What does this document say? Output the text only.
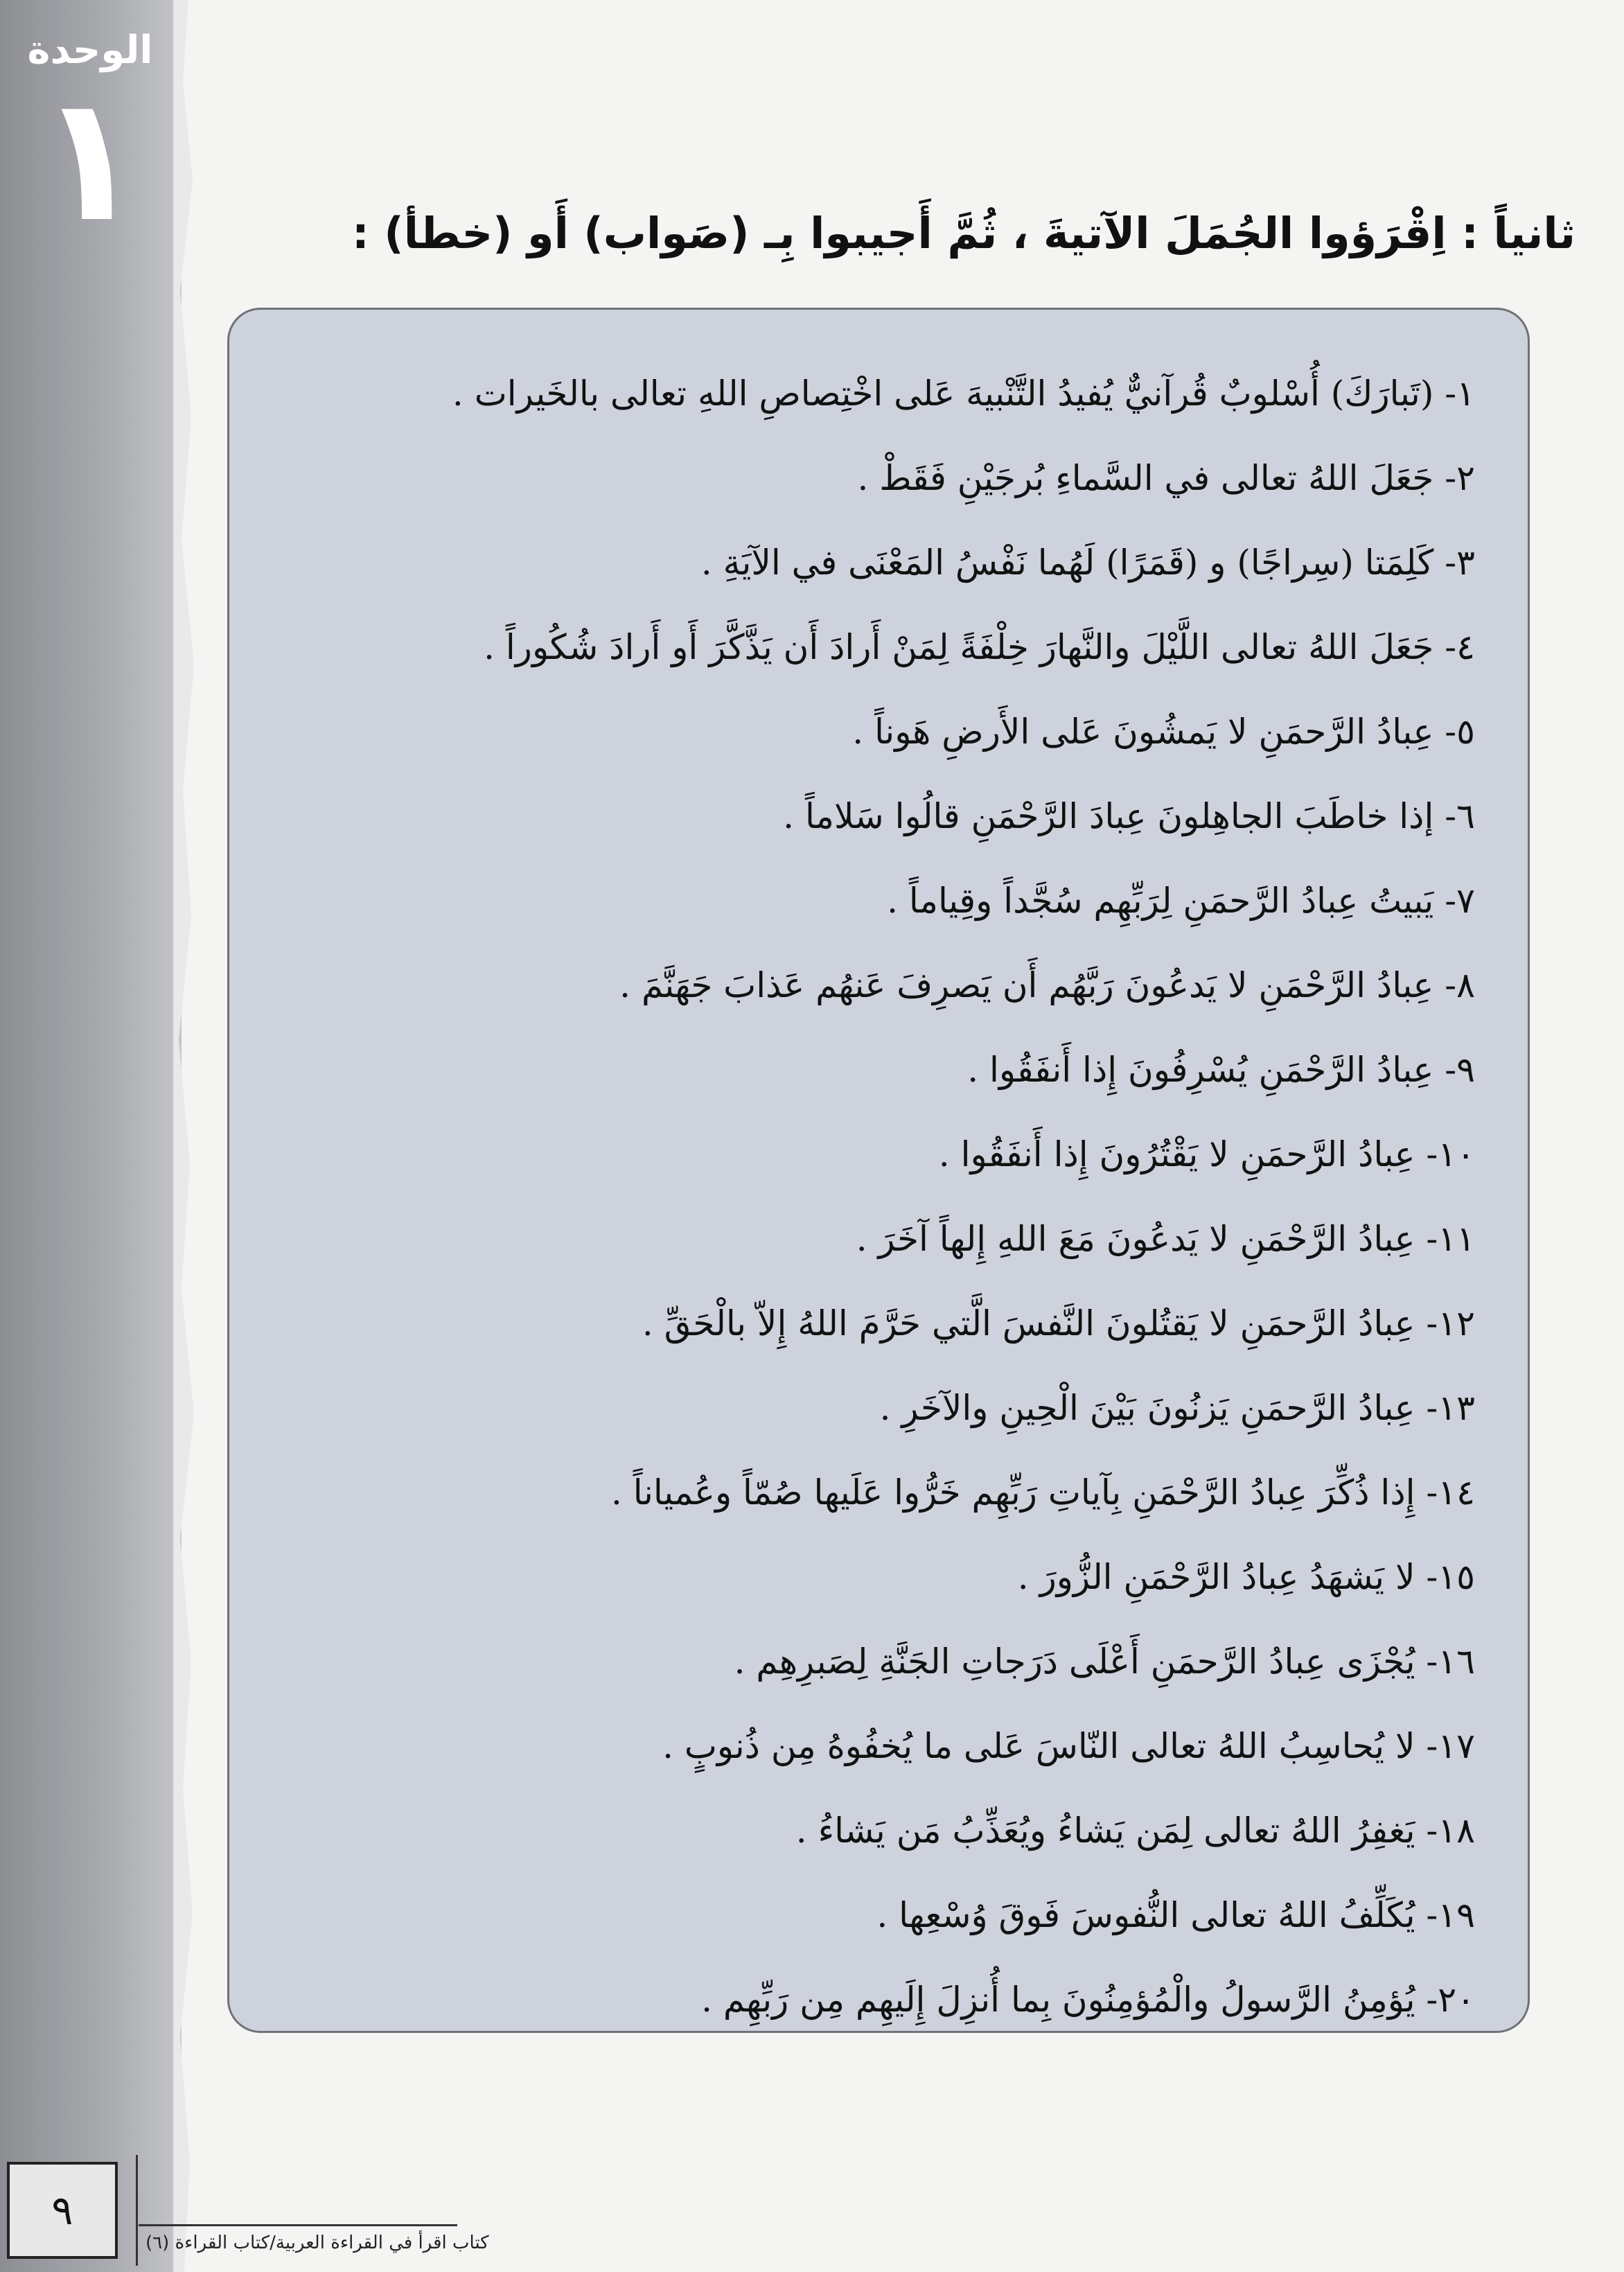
الوحدة
١	ثانياً : اِقْرَؤوا الجُمَلَ الآتيةَ ، ثُمَّ أَجيبوا بِـ (صَواب) أَو (خطأ) :
١- (تَبارَكَ) أُسْلوبٌ قُرآنيٌّ يُفيدُ التَّنْبيهَ عَلى اخْتِصاصِ اللهِ تعالى بالخَيرات .
٢- جَعَلَ اللهُ تعالى في السَّماءِ بُرجَيْنِ فَقَطْ .
٣- كَلِمَتا (سِراجًا) و (قَمَرًا) لَهُما نَفْسُ المَعْنَى في الآيَةِ .
٤- جَعَلَ اللهُ تعالى اللَّيْلَ والنَّهارَ خِلْفَةً لِمَنْ أَرادَ أَن يَذَّكَّرَ أَو أَرادَ شُكُوراً .
٥- عِبادُ الرَّحمَنِ لا يَمشُونَ عَلى الأَرضِ هَوناً .
٦- إذا خاطَبَ الجاهِلونَ عِبادَ الرَّحْمَنِ قالُوا سَلاماً .
٧- يَبيتُ عِبادُ الرَّحمَنِ لِرَبِّهِم سُجَّداً وقِياماً .
٨- عِبادُ الرَّحْمَنِ لا يَدعُونَ رَبَّهُم أَن يَصرِفَ عَنهُم عَذابَ جَهَنَّمَ .
٩- عِبادُ الرَّحْمَنِ يُسْرِفُونَ إِذا أَنفَقُوا .
١٠- عِبادُ الرَّحمَنِ لا يَقْتُرُونَ إِذا أَنفَقُوا .
١١- عِبادُ الرَّحْمَنِ لا يَدعُونَ مَعَ اللهِ إِلهاً آخَرَ .
١٢- عِبادُ الرَّحمَنِ لا يَقتُلونَ النَّفسَ الَّتي حَرَّمَ اللهُ إِلاّ بالْحَقِّ .
١٣- عِبادُ الرَّحمَنِ يَزنُونَ بَيْنَ الْحِينِ والآخَرِ .
١٤- إِذا ذُكِّرَ عِبادُ الرَّحْمَنِ بِآياتِ رَبِّهِم خَرُّوا عَلَيها صُمّاً وعُمياناً .
١٥- لا يَشهَدُ عِبادُ الرَّحْمَنِ الزُّورَ .
١٦- يُجْزَى عِبادُ الرَّحمَنِ أَعْلَى دَرَجاتِ الجَنَّةِ لِصَبرِهِم .
١٧- لا يُحاسِبُ اللهُ تعالى النّاسَ عَلى ما يُخفُوهُ مِن ذُنوبٍ .
١٨- يَغفِرُ اللهُ تعالى لِمَن يَشاءُ ويُعَذِّبُ مَن يَشاءُ .
١٩- يُكَلِّفُ اللهُ تعالى النُّفوسَ فَوقَ وُسْعِها .
٢٠- يُؤمِنُ الرَّسولُ والْمُؤمِنُونَ بِما أُنزِلَ إِلَيهِم مِن رَبِّهِم .
٩
كتاب اقرأ في القراءة العربية/كتاب القراءة (٦)
